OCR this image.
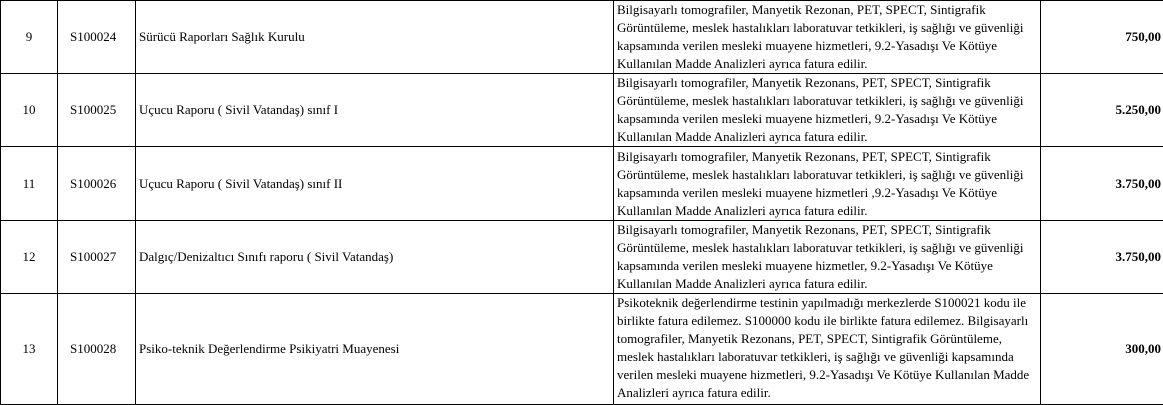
9	S100024	Sürücü Raporları Sağlık Kurulu	Bilgisayarlı tomografiler, Manyetik Rezonan, PET, SPECT, Sintigrafik Görüntüleme, meslek hastalıkları laboratuvar tetkikleri, iş sağlığı ve güvenliği kapsamında verilen mesleki muayene hizmetleri, 9.2-Yasadışı Ve Kötüye Kullanılan Madde Analizleri ayrıca fatura edilir.	750,00
10	S100025	Uçucu Raporu ( Sivil Vatandaş) sınıf I	Bilgisayarlı tomografiler, Manyetik Rezonans, PET, SPECT, Sintigrafik Görüntüleme, meslek hastalıkları laboratuvar tetkikleri, iş sağlığı ve güvenliği kapsamında verilen mesleki muayene hizmetleri, 9.2-Yasadışı Ve Kötüye Kullanılan Madde Analizleri ayrıca fatura edilir.	5.250,00
11	S100026	Uçucu Raporu ( Sivil Vatandaş) sınıf II	Bilgisayarlı tomografiler, Manyetik Rezonans, PET, SPECT, Sintigrafik Görüntüleme, meslek hastalıkları laboratuvar tetkikleri, iş sağlığı ve güvenliği kapsamında verilen mesleki muayene hizmetleri ,9.2-Yasadışı Ve Kötüye Kullanılan Madde Analizleri ayrıca fatura edilir.	3.750,00
12	S100027	Dalgıç/Denizaltıcı Sınıfı raporu ( Sivil Vatandaş)	Bilgisayarlı tomografiler, Manyetik Rezonans, PET, SPECT, Sintigrafik Görüntüleme, meslek hastalıkları laboratuvar tetkikleri, iş sağlığı ve güvenliği kapsamında verilen mesleki muayene hizmetler, 9.2-Yasadışı Ve Kötüye Kullanılan Madde Analizleri ayrıca fatura edilir.	3.750,00
13	S100028	Psiko-teknik Değerlendirme Psikiyatri Muayenesi	Psikoteknik değerlendirme testinin yapılmadığı merkezlerde S100021 kodu ile birlikte fatura edilemez. S100000 kodu ile birlikte fatura edilemez. Bilgisayarlı tomografiler, Manyetik Rezonans, PET, SPECT, Sintigrafik Görüntüleme, meslek hastalıkları laboratuvar tetkikleri, iş sağlığı ve güvenliği kapsamında verilen mesleki muayene hizmetleri, 9.2-Yasadışı Ve Kötüye Kullanılan Madde Analizleri ayrıca fatura edilir.	300,00
